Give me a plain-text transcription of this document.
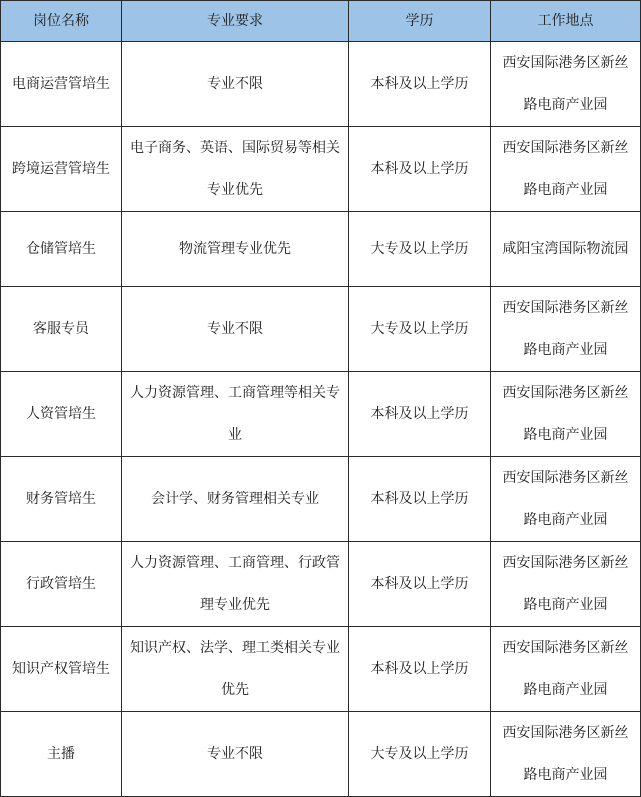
岗位名称	专业要求	学历	工作地点
电商运营管培生	专业不限	本科及以上学历	西安国际港务区新丝路电商产业园
跨境运营管培生	电子商务、英语、国际贸易等相关专业优先	本科及以上学历	西安国际港务区新丝路电商产业园
仓储管培生	物流管理专业优先	大专及以上学历	咸阳宝湾国际物流园
客服专员	专业不限	大专及以上学历	西安国际港务区新丝路电商产业园
人资管培生	人力资源管理、工商管理等相关专业	本科及以上学历	西安国际港务区新丝路电商产业园
财务管培生	会计学、财务管理相关专业	本科及以上学历	西安国际港务区新丝路电商产业园
行政管培生	人力资源管理、工商管理、行政管理专业优先	本科及以上学历	西安国际港务区新丝路电商产业园
知识产权管培生	知识产权、法学、理工类相关专业优先	本科及以上学历	西安国际港务区新丝路电商产业园
主播	专业不限	大专及以上学历	西安国际港务区新丝路电商产业园
